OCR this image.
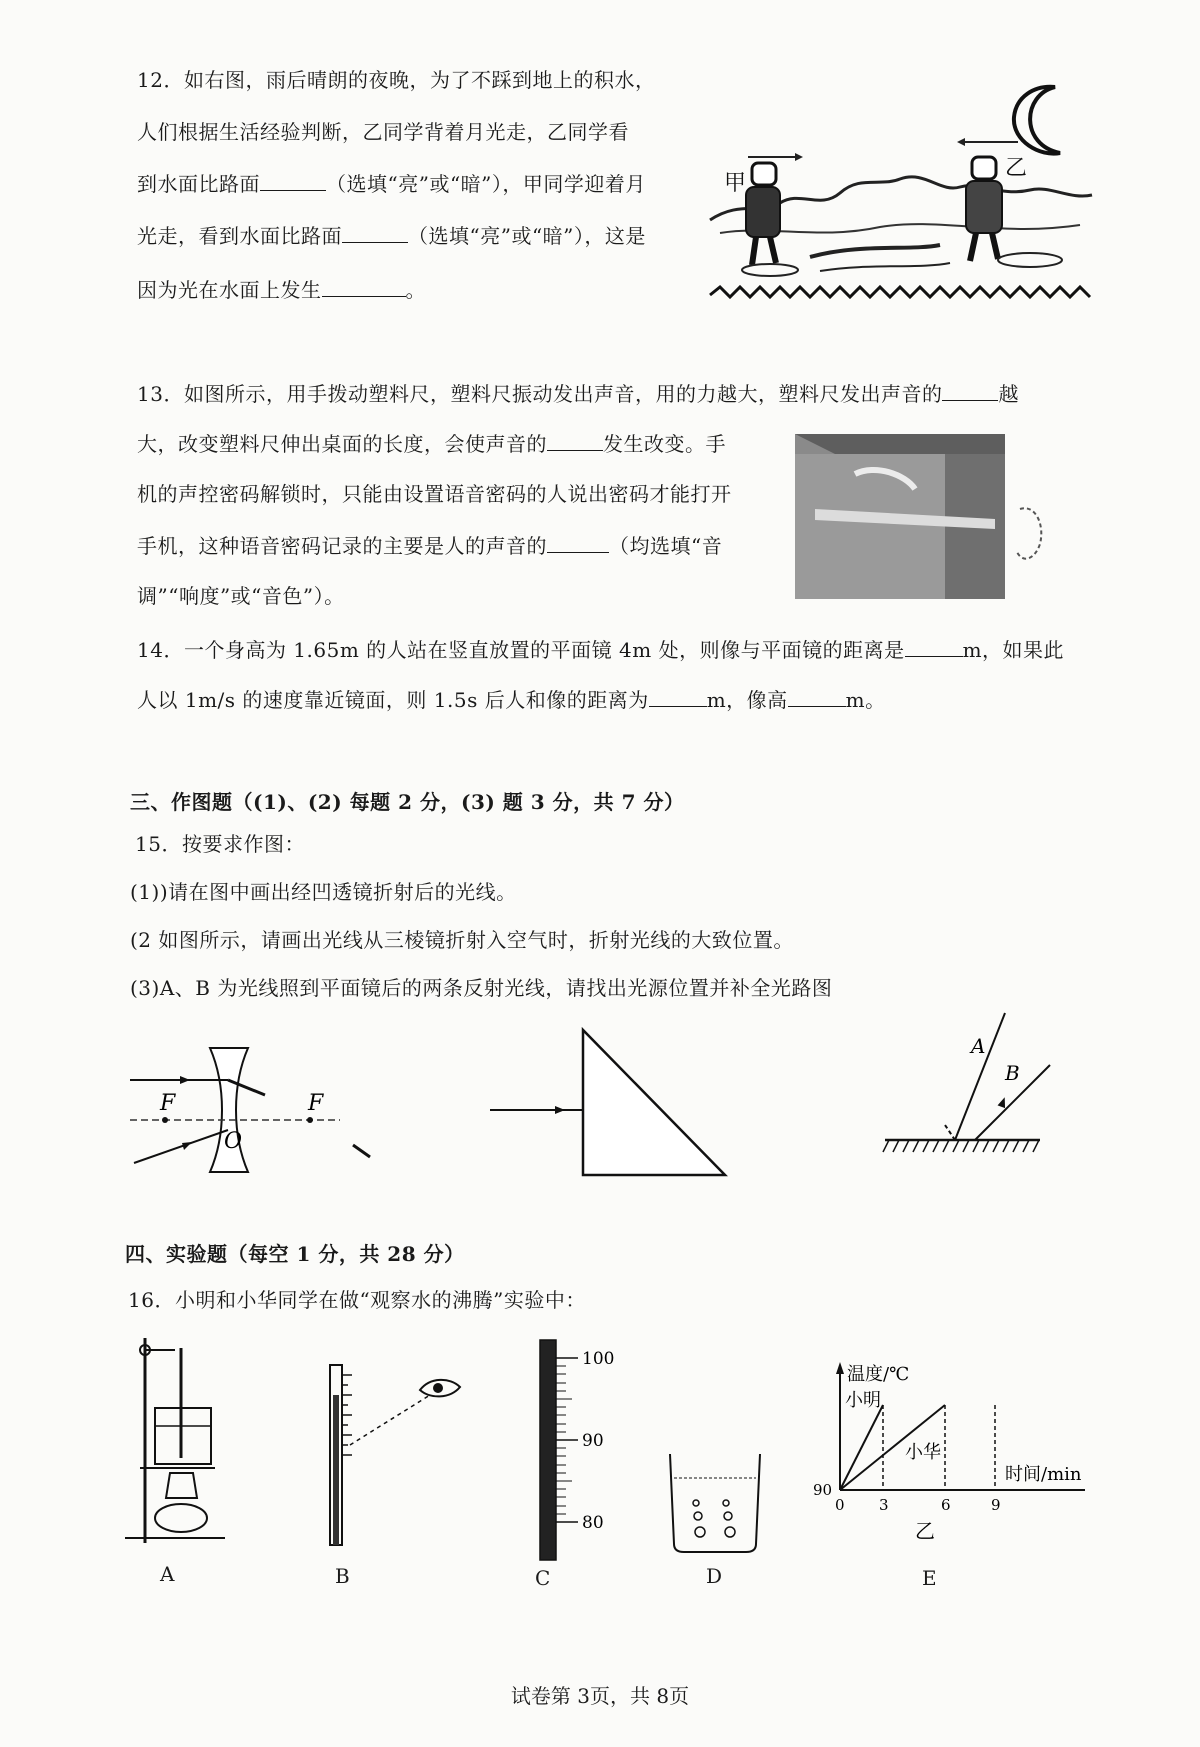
12．如右图，雨后晴朗的夜晚，为了不踩到地上的积水，
人们根据生活经验判断，乙同学背着月光走，乙同学看
到水面比路面	（选填“亮”或“暗”），甲同学迎着月
光走，看到水面比路面	（选填“亮”或“暗”），这是
因为光在水面上发生	。
甲
乙
13．如图所示，用手拨动塑料尺，塑料尺振动发出声音，用的力越大，塑料尺发出声音的	越
大，改变塑料尺伸出桌面的长度，会使声音的	发生改变。手
机的声控密码解锁时，只能由设置语音密码的人说出密码才能打开
手机，这种语音密码记录的主要是人的声音的	（均选填“音
调”“响度”或“音色”）。
14．一个身高为 1.65m 的人站在竖直放置的平面镜 4m 处，则像与平面镜的距离是	m，如果此
人以 1m/s 的速度靠近镜面，则 1.5s 后人和像的距离为	m，像高	m。
三、作图题（(1)、(2) 每题 2 分，(3) 题 3 分，共 7 分）
15．按要求作图：
(1))请在图中画出经凹透镜折射后的光线。
(2 如图所示，请画出光线从三棱镜折射入空气时，折射光线的大致位置。
(3)A、B 为光线照到平面镜后的两条反射光线，请找出光源位置并补全光路图
F	F
O
A
B
四、实验题（每空 1 分，共 28 分）
16．小明和小华同学在做“观察水的沸腾”实验中：
100
90
80
温度/℃
小明
小华
时间/min
90
0 3	6	9
乙
A	B	C	D	E
试卷第 3页，共 8页
